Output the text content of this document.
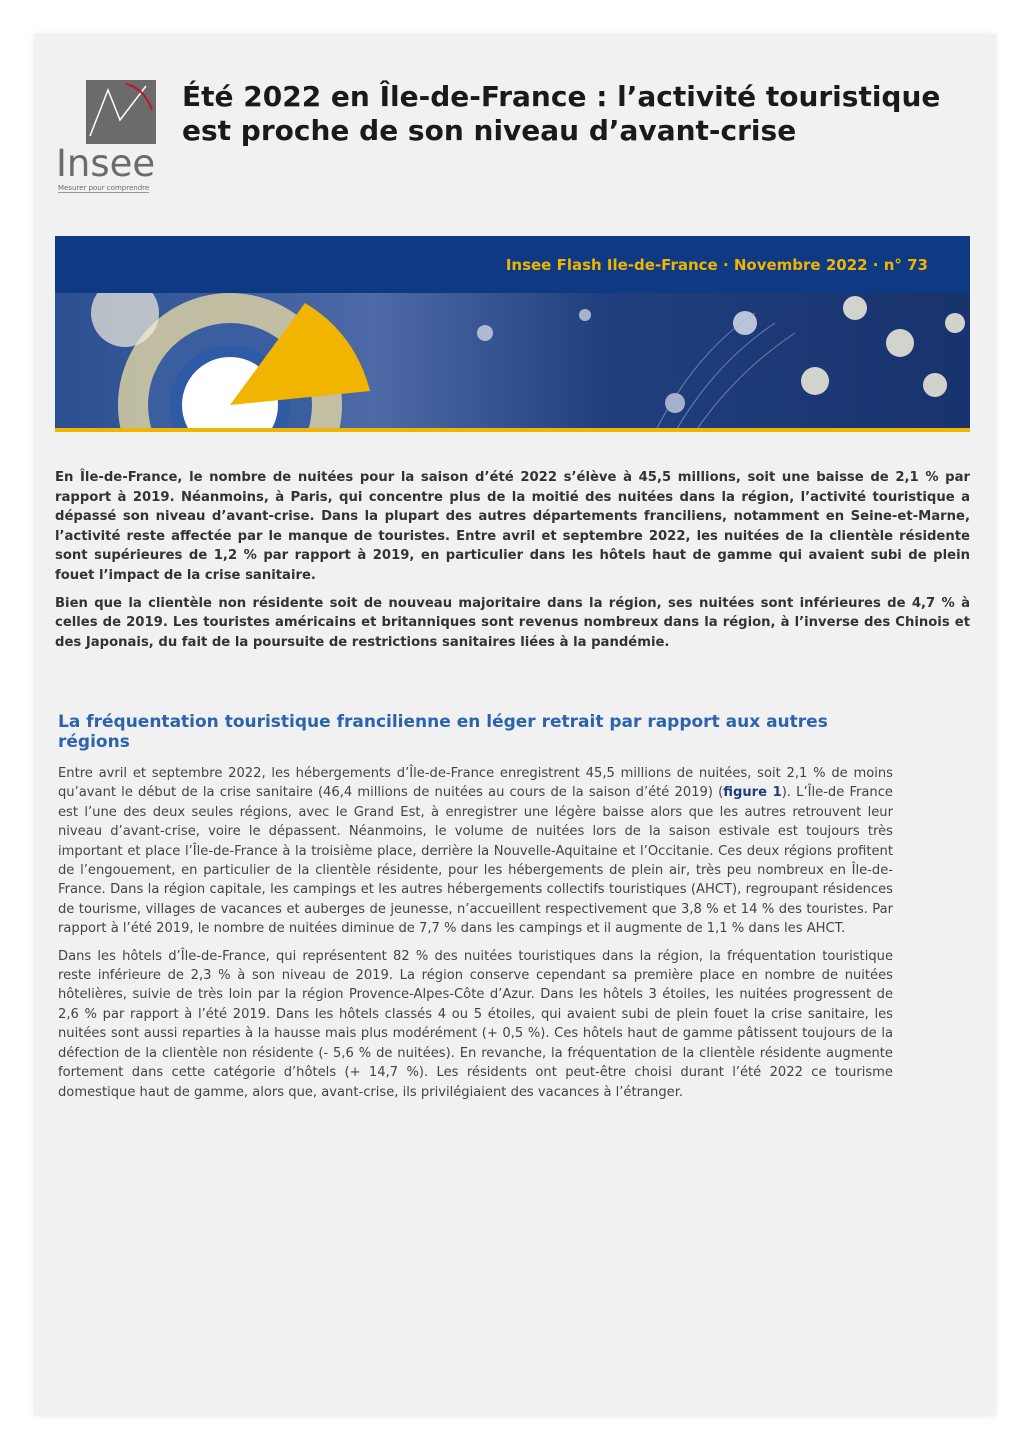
Insee
Mesurer pour comprendre
Été 2022 en Île-de-France : l’activité touristique est proche de son niveau d’avant-crise
Insee Flash Ile-de-France · Novembre 2022 · n° 73

En Île-de-France, le nombre de nuitées pour la saison d’été 2022 s’élève à 45,5 millions, soit une baisse de 2,1 % par rapport à 2019. Néanmoins, à Paris, qui concentre plus de la moitié des nuitées dans la région, l’activité touristique a dépassé son niveau d’avant-crise. Dans la plupart des autres départements franciliens, notamment en Seine-et-Marne, l’activité reste affectée par le manque de touristes. Entre avril et septembre 2022, les nuitées de la clientèle résidente sont supérieures de 1,2 % par rapport à 2019, en particulier dans les hôtels haut de gamme qui avaient subi de plein fouet l’impact de la crise sanitaire.

Bien que la clientèle non résidente soit de nouveau majoritaire dans la région, ses nuitées sont inférieures de 4,7 % à celles de 2019. Les touristes américains et britanniques sont revenus nombreux dans la région, à l’inverse des Chinois et des Japonais, du fait de la poursuite de restrictions sanitaires liées à la pandémie.

La fréquentation touristique francilienne en léger retrait par rapport aux autres régions

Entre avril et septembre 2022, les hébergements d’Île-de-France enregistrent 45,5 millions de nuitées, soit 2,1 % de moins qu’avant le début de la crise sanitaire (46,4 millions de nuitées au cours de la saison d’été 2019) (figure 1). L’Île-de France est l’une des deux seules régions, avec le Grand Est, à enregistrer une légère baisse alors que les autres retrouvent leur niveau d’avant-crise, voire le dépassent. Néanmoins, le volume de nuitées lors de la saison estivale est toujours très important et place l’Île-de-France à la troisième place, derrière la Nouvelle-Aquitaine et l’Occitanie. Ces deux régions profitent de l’engouement, en particulier de la clientèle résidente, pour les hébergements de plein air, très peu nombreux en Île-de-France. Dans la région capitale, les campings et les autres hébergements collectifs touristiques (AHCT), regroupant résidences de tourisme, villages de vacances et auberges de jeunesse, n’accueillent respectivement que 3,8 % et 14 % des touristes. Par rapport à l’été 2019, le nombre de nuitées diminue de 7,7 % dans les campings et il augmente de 1,1 % dans les AHCT.

Dans les hôtels d’Île-de-France, qui représentent 82 % des nuitées touristiques dans la région, la fréquentation touristique reste inférieure de 2,3 % à son niveau de 2019. La région conserve cependant sa première place en nombre de nuitées hôtelières, suivie de très loin par la région Provence-Alpes-Côte d’Azur. Dans les hôtels 3 étoiles, les nuitées progressent de 2,6 % par rapport à l’été 2019. Dans les hôtels classés 4 ou 5 étoiles, qui avaient subi de plein fouet la crise sanitaire, les nuitées sont aussi reparties à la hausse mais plus modérément (+ 0,5 %). Ces hôtels haut de gamme pâtissent toujours de la défection de la clientèle non résidente (- 5,6 % de nuitées). En revanche, la fréquentation de la clientèle résidente augmente fortement dans cette catégorie d’hôtels (+ 14,7 %). Les résidents ont peut-être choisi durant l’été 2022 ce tourisme domestique haut de gamme, alors que, avant-crise, ils privilégiaient des vacances à l’étranger.
